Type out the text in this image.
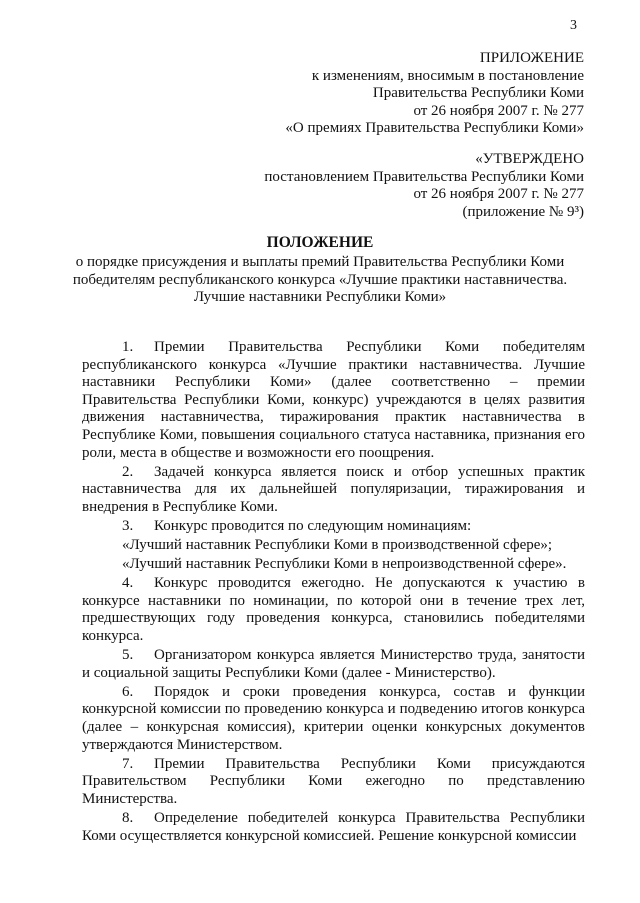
3
ПРИЛОЖЕНИЕ
к изменениям, вносимым в постановление
Правительства Республики Коми
от 26 ноября 2007 г. № 277
«О премиях Правительства Республики Коми»
«УТВЕРЖДЕНО
постановлением Правительства Республики Коми
от 26 ноября 2007 г. № 277
(приложение № 9³)
ПОЛОЖЕНИЕ
о порядке присуждения и выплаты премий Правительства Республики Коми
победителям республиканского конкурса «Лучшие практики наставничества.
Лучшие наставники Республики Коми»

1. Премии Правительства Республики Коми победителям республиканского конкурса «Лучшие практики наставничества. Лучшие наставники Республики Коми» (далее соответственно – премии Правительства Республики Коми, конкурс) учреждаются в целях развития движения наставничества, тиражирования практик наставничества в Республике Коми, повышения социального статуса наставника, признания его роли, места в обществе и возможности его поощрения.

2. Задачей конкурса является поиск и отбор успешных практик наставничества для их дальнейшей популяризации, тиражирования и внедрения в Республике Коми.

3. Конкурс проводится по следующим номинациям:

«Лучший наставник Республики Коми в производственной сфере»;

«Лучший наставник Республики Коми в непроизводственной сфере».

4. Конкурс проводится ежегодно. Не допускаются к участию в конкурсе наставники по номинации, по которой они в течение трех лет, предшествующих году проведения конкурса, становились победителями конкурса.

5. Организатором конкурса является Министерство труда, занятости и социальной защиты Республики Коми (далее - Министерство).

6. Порядок и сроки проведения конкурса, состав и функции конкурсной комиссии по проведению конкурса и подведению итогов конкурса (далее – конкурсная комиссия), критерии оценки конкурсных документов утверждаются Министерством.

7. Премии Правительства Республики Коми присуждаются Правительством Республики Коми ежегодно по представлению Министерства.

8. Определение победителей конкурса Правительства Республики Коми осуществляется конкурсной комиссией. Решение конкурсной комиссии
